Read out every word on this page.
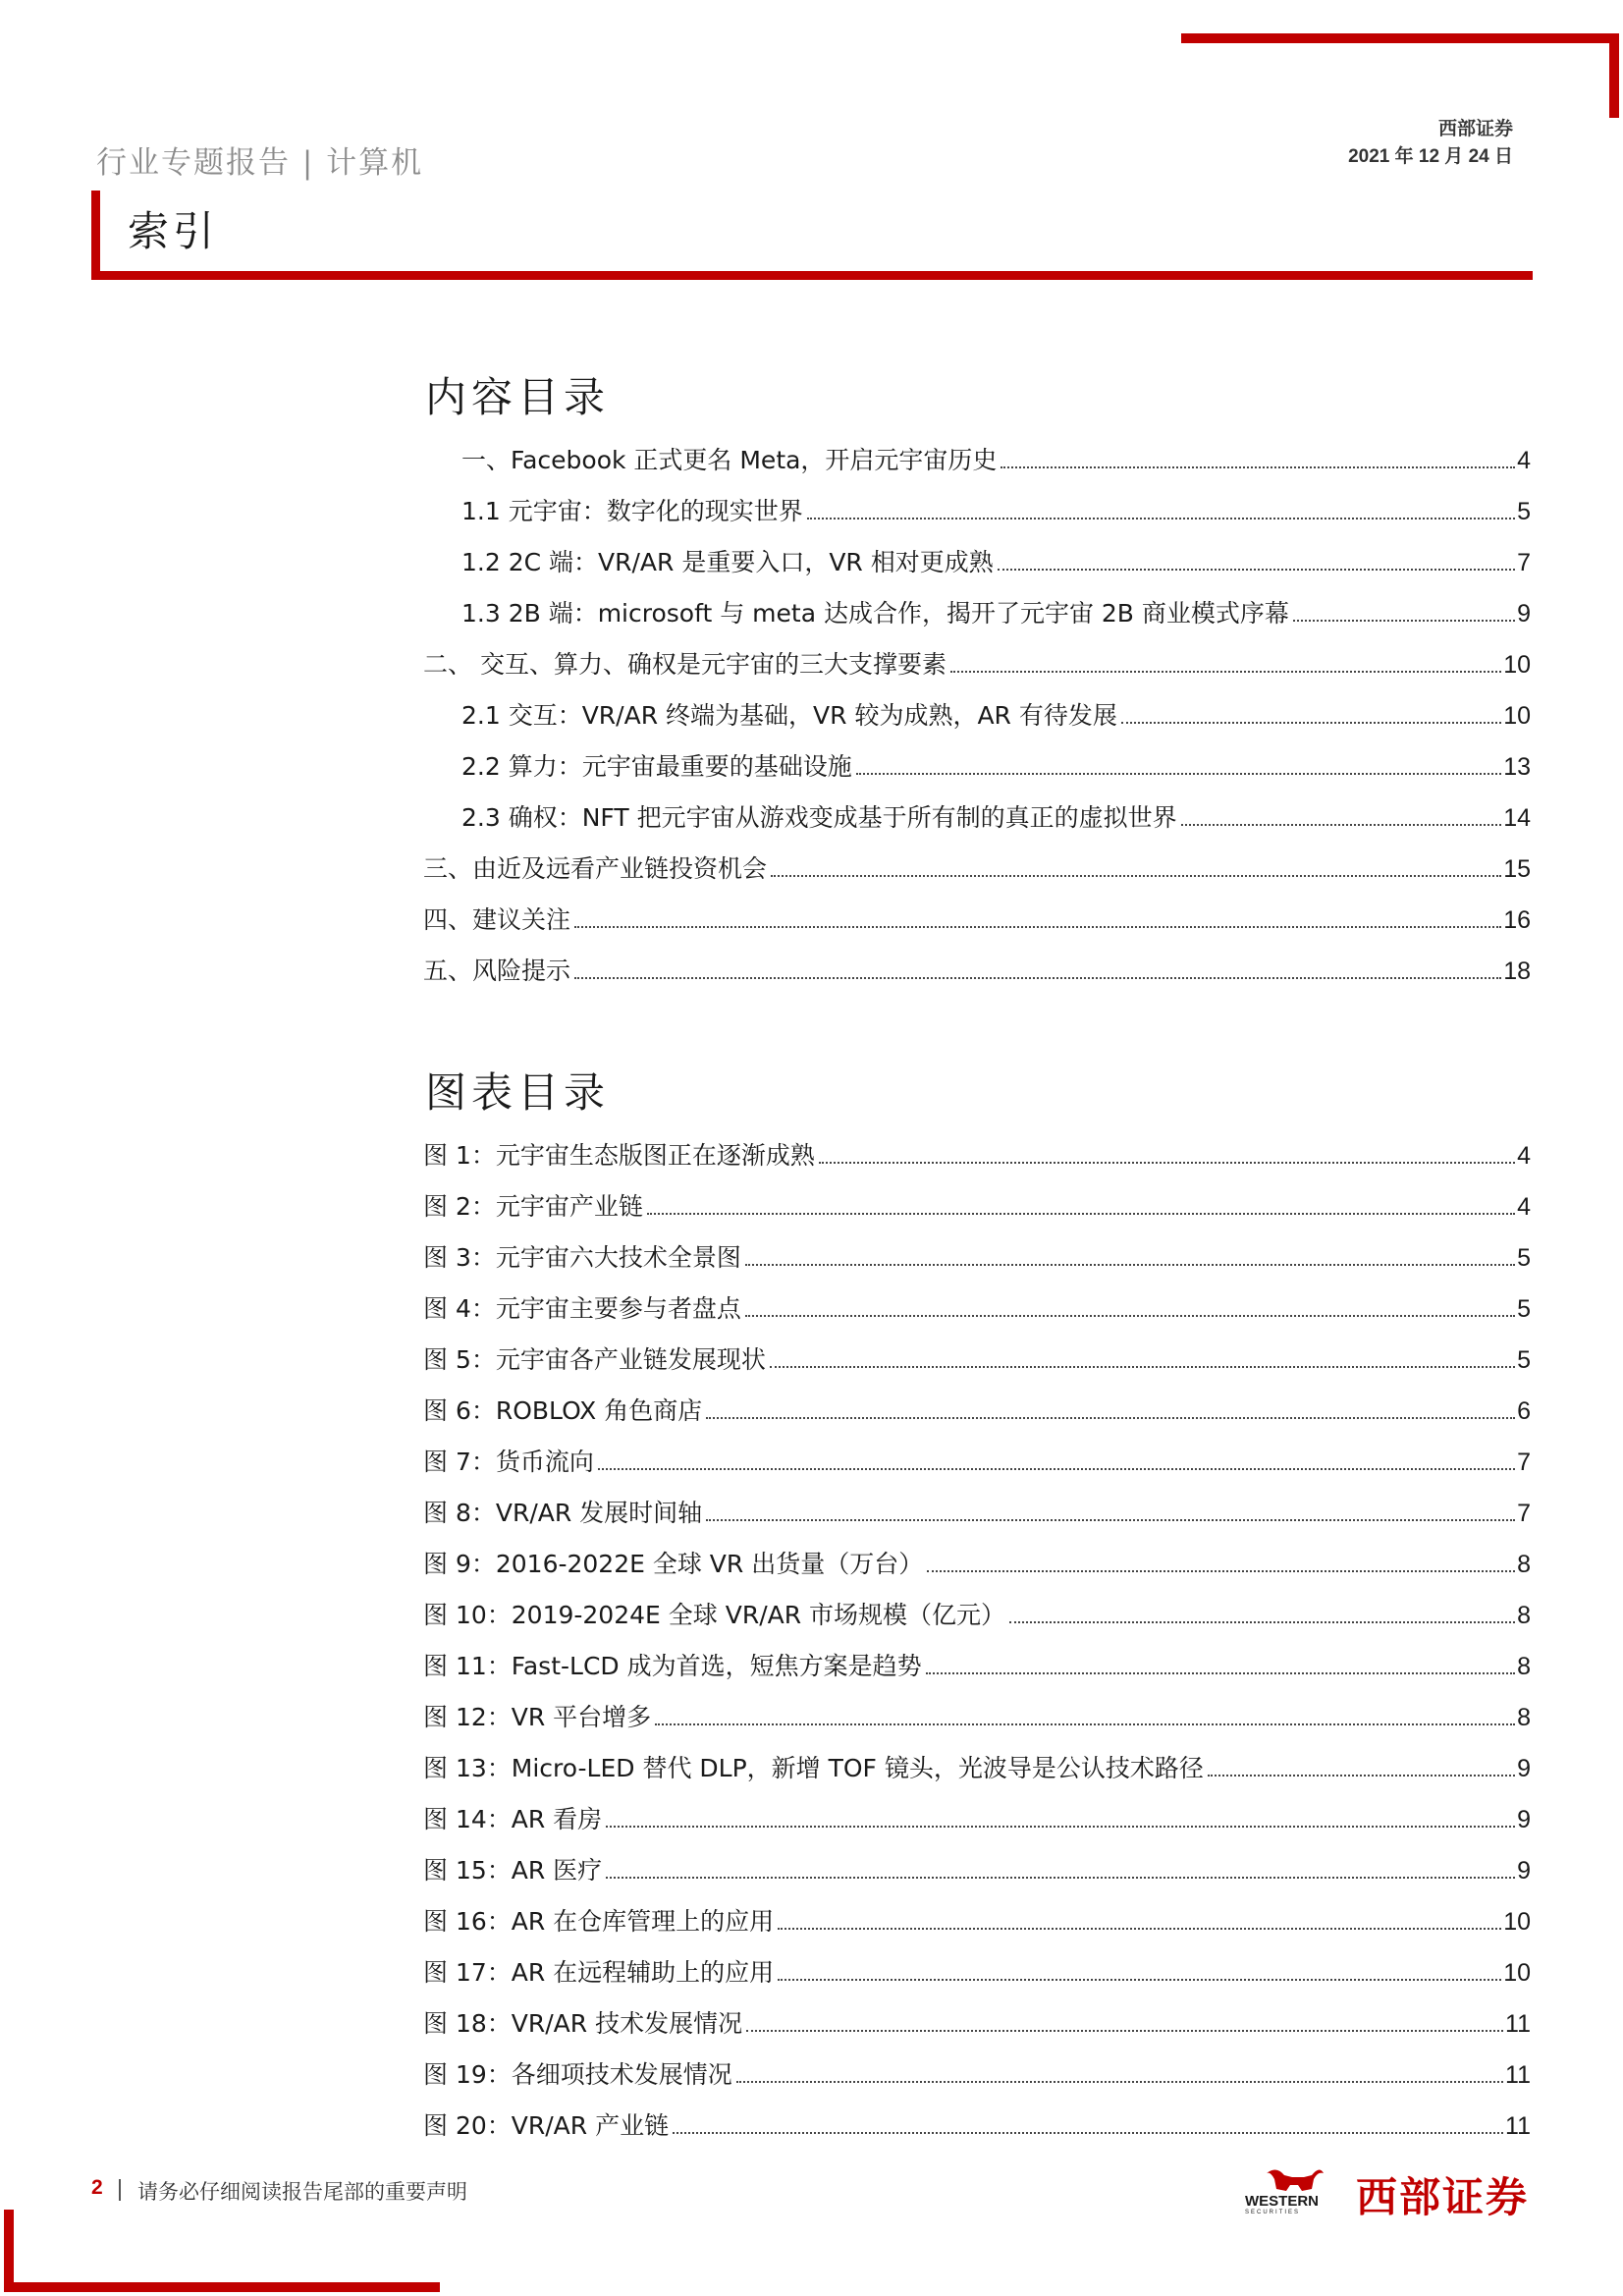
行业专题报告 | 计算机
西部证券
2021 年 12 月 24 日
索引
内容目录
一、Facebook 正式更名 Meta，开启元宇宙历史	4
1.1 元宇宙：数字化的现实世界	5
1.2 2C 端：VR/AR 是重要入口，VR 相对更成熟	7
1.3 2B 端：microsoft 与 meta 达成合作，揭开了元宇宙 2B 商业模式序幕	9
二、 交互、算力、确权是元宇宙的三大支撑要素	10
2.1 交互：VR/AR 终端为基础，VR 较为成熟，AR 有待发展	10
2.2 算力：元宇宙最重要的基础设施	13
2.3 确权：NFT 把元宇宙从游戏变成基于所有制的真正的虚拟世界	14
三、由近及远看产业链投资机会	15
四、建议关注	16
五、风险提示	18
图表目录
图 1：元宇宙生态版图正在逐渐成熟	4
图 2：元宇宙产业链	4
图 3：元宇宙六大技术全景图	5
图 4：元宇宙主要参与者盘点	5
图 5：元宇宙各产业链发展现状	5
图 6：ROBLOX 角色商店	6
图 7：货币流向	7
图 8：VR/AR 发展时间轴	7
图 9：2016-2022E 全球 VR 出货量（万台）	8
图 10：2019-2024E 全球 VR/AR 市场规模（亿元）	8
图 11：Fast-LCD 成为首选，短焦方案是趋势	8
图 12：VR 平台增多	8
图 13：Micro-LED 替代 DLP，新增 TOF 镜头，光波导是公认技术路径	9
图 14：AR 看房	9
图 15：AR 医疗	9
图 16：AR 在仓库管理上的应用	10
图 17：AR 在远程辅助上的应用	10
图 18：VR/AR 技术发展情况	11
图 19：各细项技术发展情况	11
图 20：VR/AR 产业链	11
2 请务必仔细阅读报告尾部的重要声明	WESTERN
SECURITIES 西部证券
